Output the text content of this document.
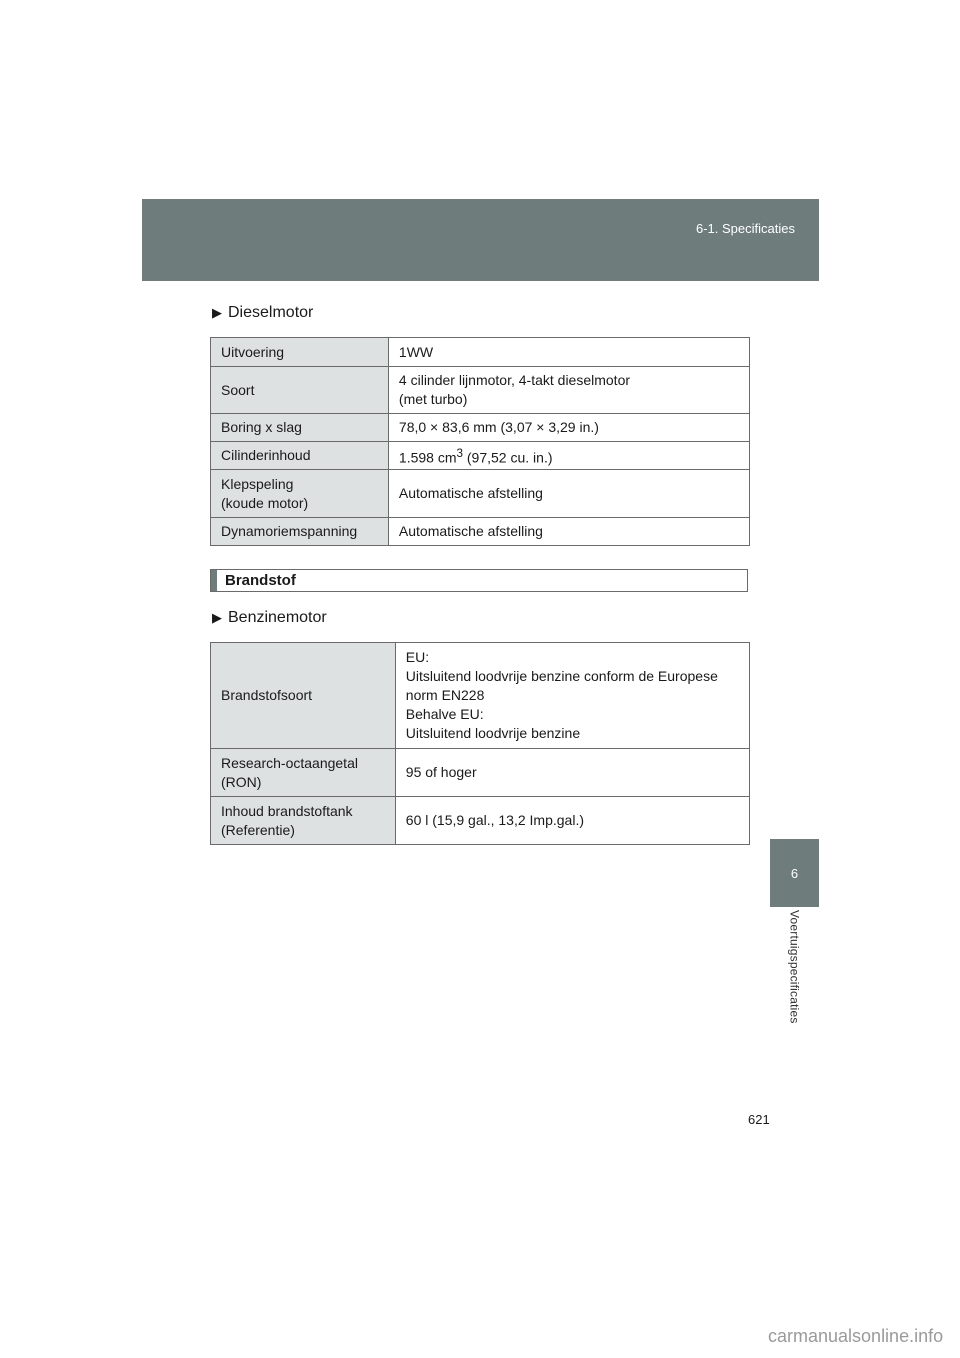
6-1. Specificaties
6
Voertuigspecificaties
▶ Dieselmotor
Uitvoering	1WW
Soort	4 cilinder lijnmotor, 4-takt dieselmotor
(met turbo)

Boring x slag	78,0 × 83,6 mm (3,07 × 3,29 in.)
Cilinderinhoud	1.598 $cm^3$ (97,52 cu. in.)

Klepspeling
(koude motor)	Automatische afstelling
Dynamoriemspanning	Automatische afstelling
Brandstof
▶ Benzinemotor
Brandstofsoort	EU:
Uitsluitend loodvrije benzine conform de Europese
norm EN228
Behalve EU:
Uitsluitend loodvrije benzine

Research-octaangetal
(RON)	95 of hoger

Inhoud brandstoftank
(Referentie)	60 l (15,9 gal., 13,2 Imp.gal.)
621
carmanualsonline.info
